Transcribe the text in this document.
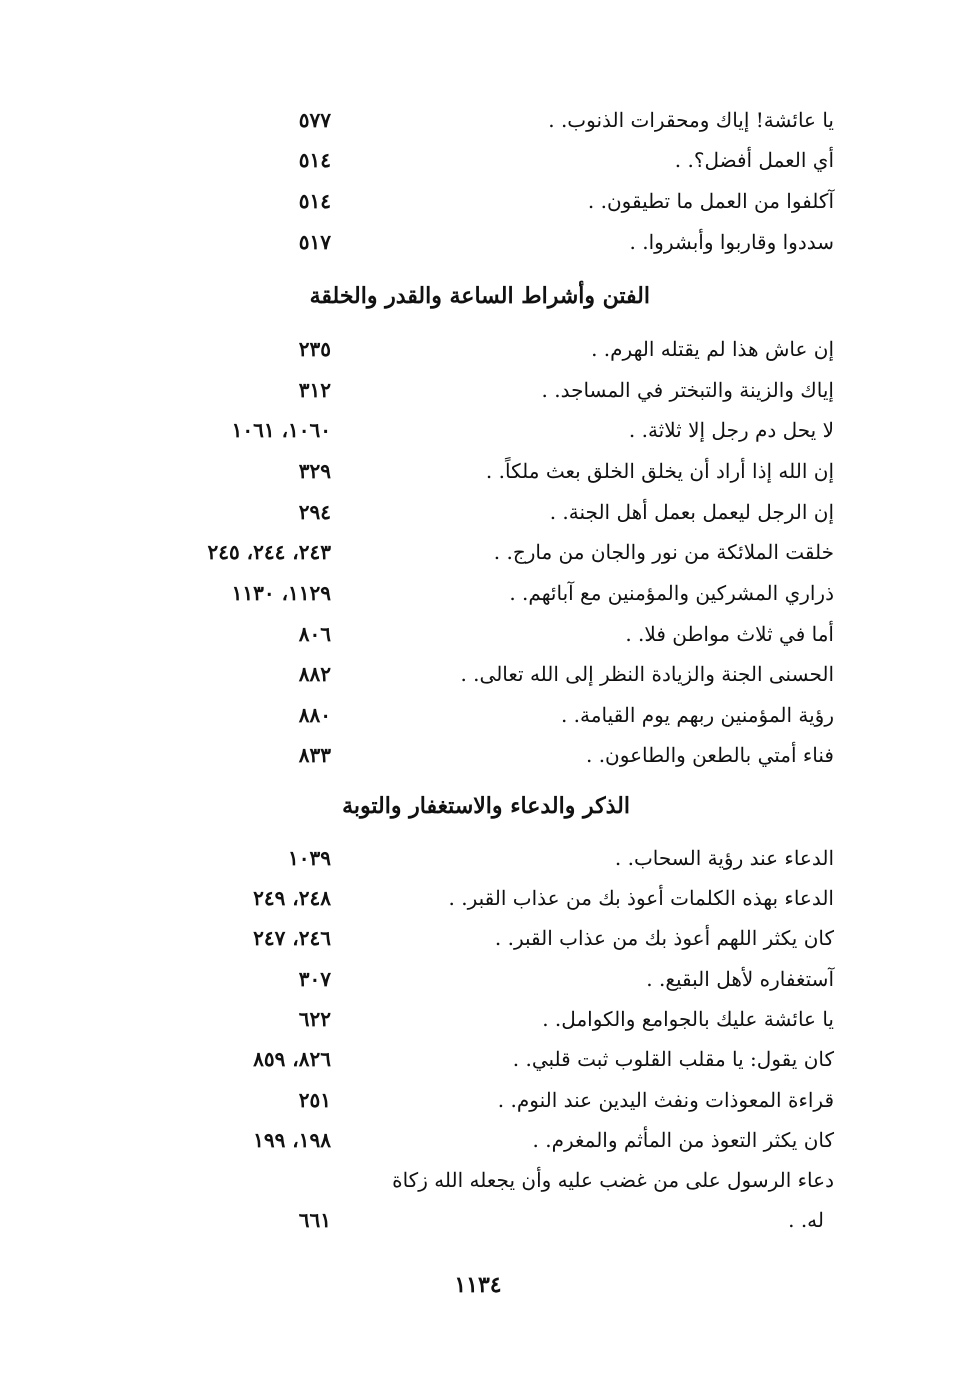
يا عائشة! إياك ومحقرات الذنوب. .
٥٧٧
أي العمل أفضل؟. .
٥١٤
آكلفوا من العمل ما تطيقون. .
٥١٤
سددوا وقاربوا وأبشروا. .
٥١٧
الفتن وأشراط الساعة والقدر والخلقة
إن عاش هذا لم يقتله الهرم. .
٢٣٥
إياك والزينة والتبختر في المساجد. .
٣١٢
لا يحل دم رجل إلا ثلاثة. .
١٠٦٠، ١٠٦١
إن الله إذا أراد أن يخلق الخلق بعث ملكاً. .
٣٢٩
إن الرجل ليعمل بعمل أهل الجنة. .
٢٩٤
خلقت الملائكة من نور والجان من مارج. .
٢٤٣، ٢٤٤، ٢٤٥
ذراري المشركين والمؤمنين مع آبائهم. .
١١٢٩، ١١٣٠
أما في ثلاث مواطن فلا. .
٨٠٦
الحسنى الجنة والزيادة النظر إلى الله تعالى. .
٨٨٢
رؤية المؤمنين ربهم يوم القيامة. .
٨٨٠
فناء أمتي بالطعن والطاعون. .
٨٣٣
الذكر والدعاء والاستغفار والتوبة
الدعاء عند رؤية السحاب. .
١٠٣٩
الدعاء بهذه الكلمات أعوذ بك من عذاب القبر. .
٢٤٨، ٢٤٩
كان يكثر اللهم أعوذ بك من عذاب القبر. .
٢٤٦، ٢٤٧
آستغفاره لأهل البقيع. .
٣٠٧
يا عائشة عليك بالجوامع والكوامل. .
٦٢٢
كان يقول: يا مقلب القلوب ثبت قلبي. .
٨٢٦، ٨٥٩
قراءة المعوذات ونفث اليدين عند النوم. .
٢٥١
كان يكثر التعوذ من المأثم والمغرم. .
١٩٨، ١٩٩
دعاء الرسول على من غضب عليه وأن يجعله الله زكاة
له. .
٦٦١
١١٣٤
